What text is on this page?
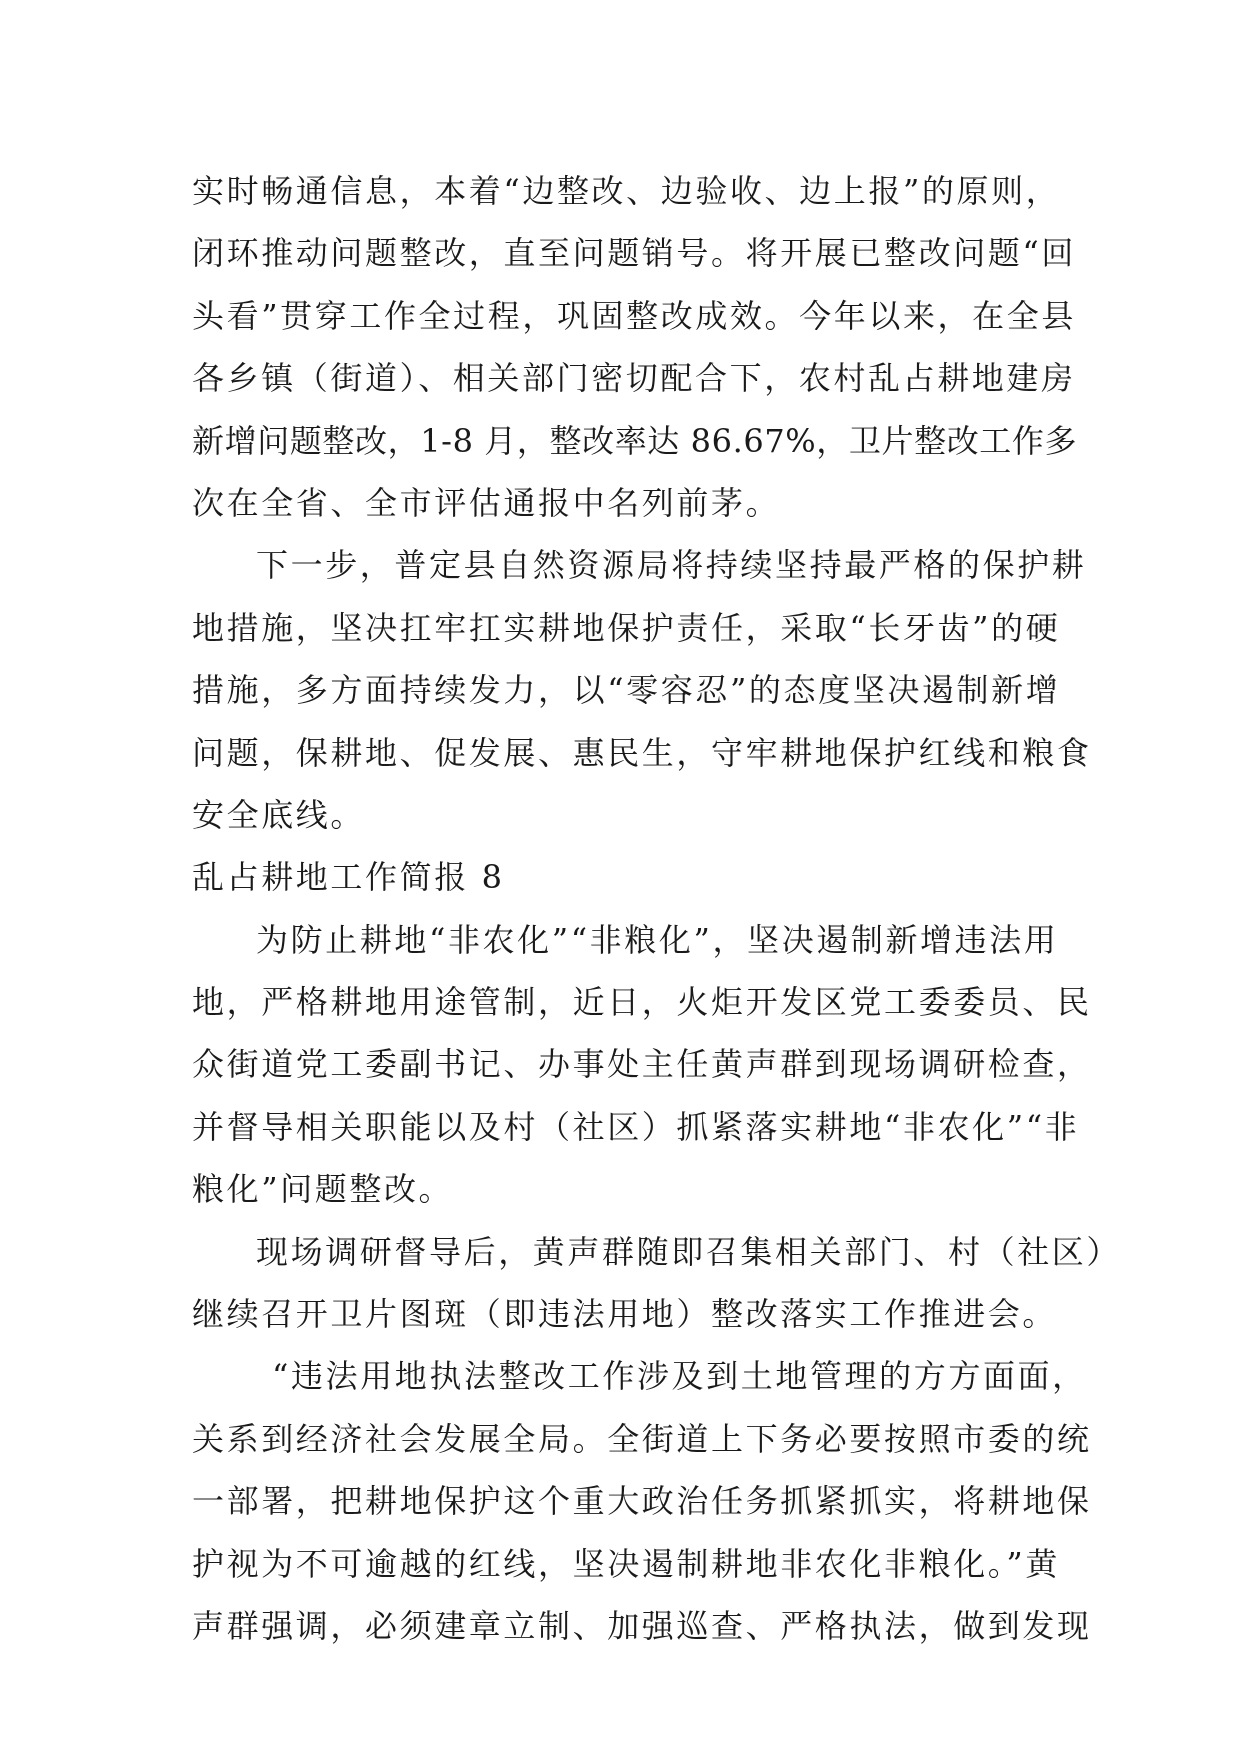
实时畅通信息，本着“边整改、边验收、边上报”的原则，
闭环推动问题整改，直至问题销号。将开展已整改问题“回
头看”贯穿工作全过程，巩固整改成效。今年以来，在全县
各乡镇（街道）、相关部门密切配合下，农村乱占耕地建房
新增问题整改，1-8 月，整改率达 86.67%，卫片整改工作多
次在全省、全市评估通报中名列前茅。
下一步，普定县自然资源局将持续坚持最严格的保护耕
地措施，坚决扛牢扛实耕地保护责任，采取“长牙齿”的硬
措施，多方面持续发力，以“零容忍”的态度坚决遏制新增
问题，保耕地、促发展、惠民生，守牢耕地保护红线和粮食
安全底线。
乱占耕地工作简报 8
为防止耕地“非农化”“非粮化”，坚决遏制新增违法用
地，严格耕地用途管制，近日，火炬开发区党工委委员、民
众街道党工委副书记、办事处主任黄声群到现场调研检查，
并督导相关职能以及村（社区）抓紧落实耕地“非农化”“非
粮化”问题整改。
现场调研督导后，黄声群随即召集相关部门、村（社区）
继续召开卫片图斑（即违法用地）整改落实工作推进会。
“违法用地执法整改工作涉及到土地管理的方方面面，
关系到经济社会发展全局。全街道上下务必要按照市委的统
一部署，把耕地保护这个重大政治任务抓紧抓实，将耕地保
护视为不可逾越的红线，坚决遏制耕地非农化非粮化。”黄
声群强调，必须建章立制、加强巡查、严格执法，做到发现
